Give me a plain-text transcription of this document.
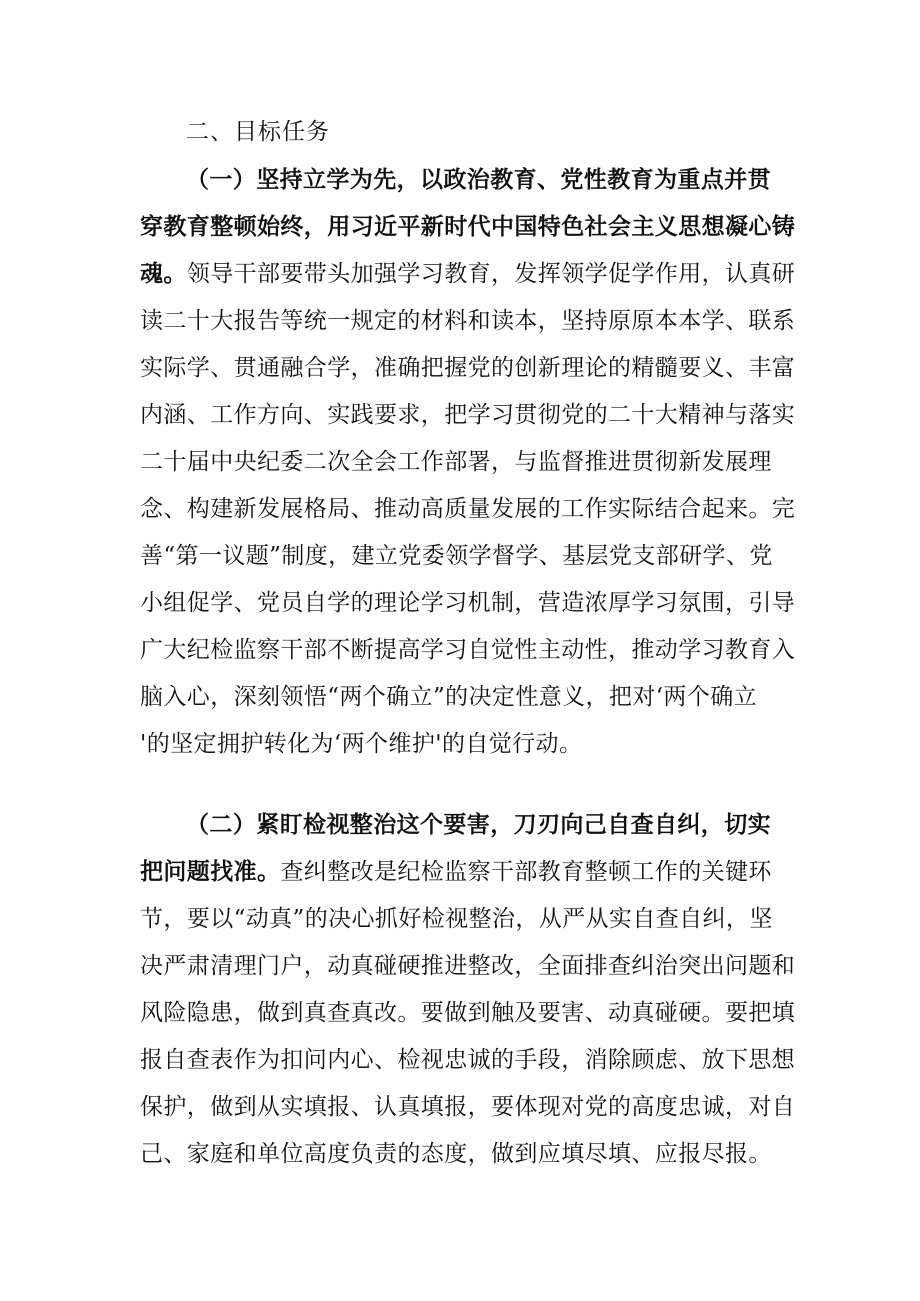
二、目标任务
（一）坚持立学为先，以政治教育、党性教育为重点并贯
穿教育整顿始终，用习近平新时代中国特色社会主义思想凝心铸
魂。领导干部要带头加强学习教育，发挥领学促学作用，认真研
读二十大报告等统一规定的材料和读本，坚持原原本本学、联系
实际学、贯通融合学，准确把握党的创新理论的精髓要义、丰富
内涵、工作方向、实践要求，把学习贯彻党的二十大精神与落实
二十届中央纪委二次全会工作部署，与监督推进贯彻新发展理
念、构建新发展格局、推动高质量发展的工作实际结合起来。完
善“第一议题”制度，建立党委领学督学、基层党支部研学、党
小组促学、党员自学的理论学习机制，营造浓厚学习氛围，引导
广大纪检监察干部不断提高学习自觉性主动性，推动学习教育入
脑入心，深刻领悟“两个确立”的决定性意义，把对‘两个确立
'的坚定拥护转化为‘两个维护'的自觉行动。
（二）紧盯检视整治这个要害，刀刃向己自查自纠，切实
把问题找准。查纠整改是纪检监察干部教育整顿工作的关键环
节，要以“动真”的决心抓好检视整治，从严从实自查自纠，坚
决严肃清理门户，动真碰硬推进整改，全面排查纠治突出问题和
风险隐患，做到真查真改。要做到触及要害、动真碰硬。要把填
报自查表作为扣问内心、检视忠诚的手段，消除顾虑、放下思想
保护，做到从实填报、认真填报，要体现对党的高度忠诚，对自
己、家庭和单位高度负责的态度，做到应填尽填、应报尽报。
